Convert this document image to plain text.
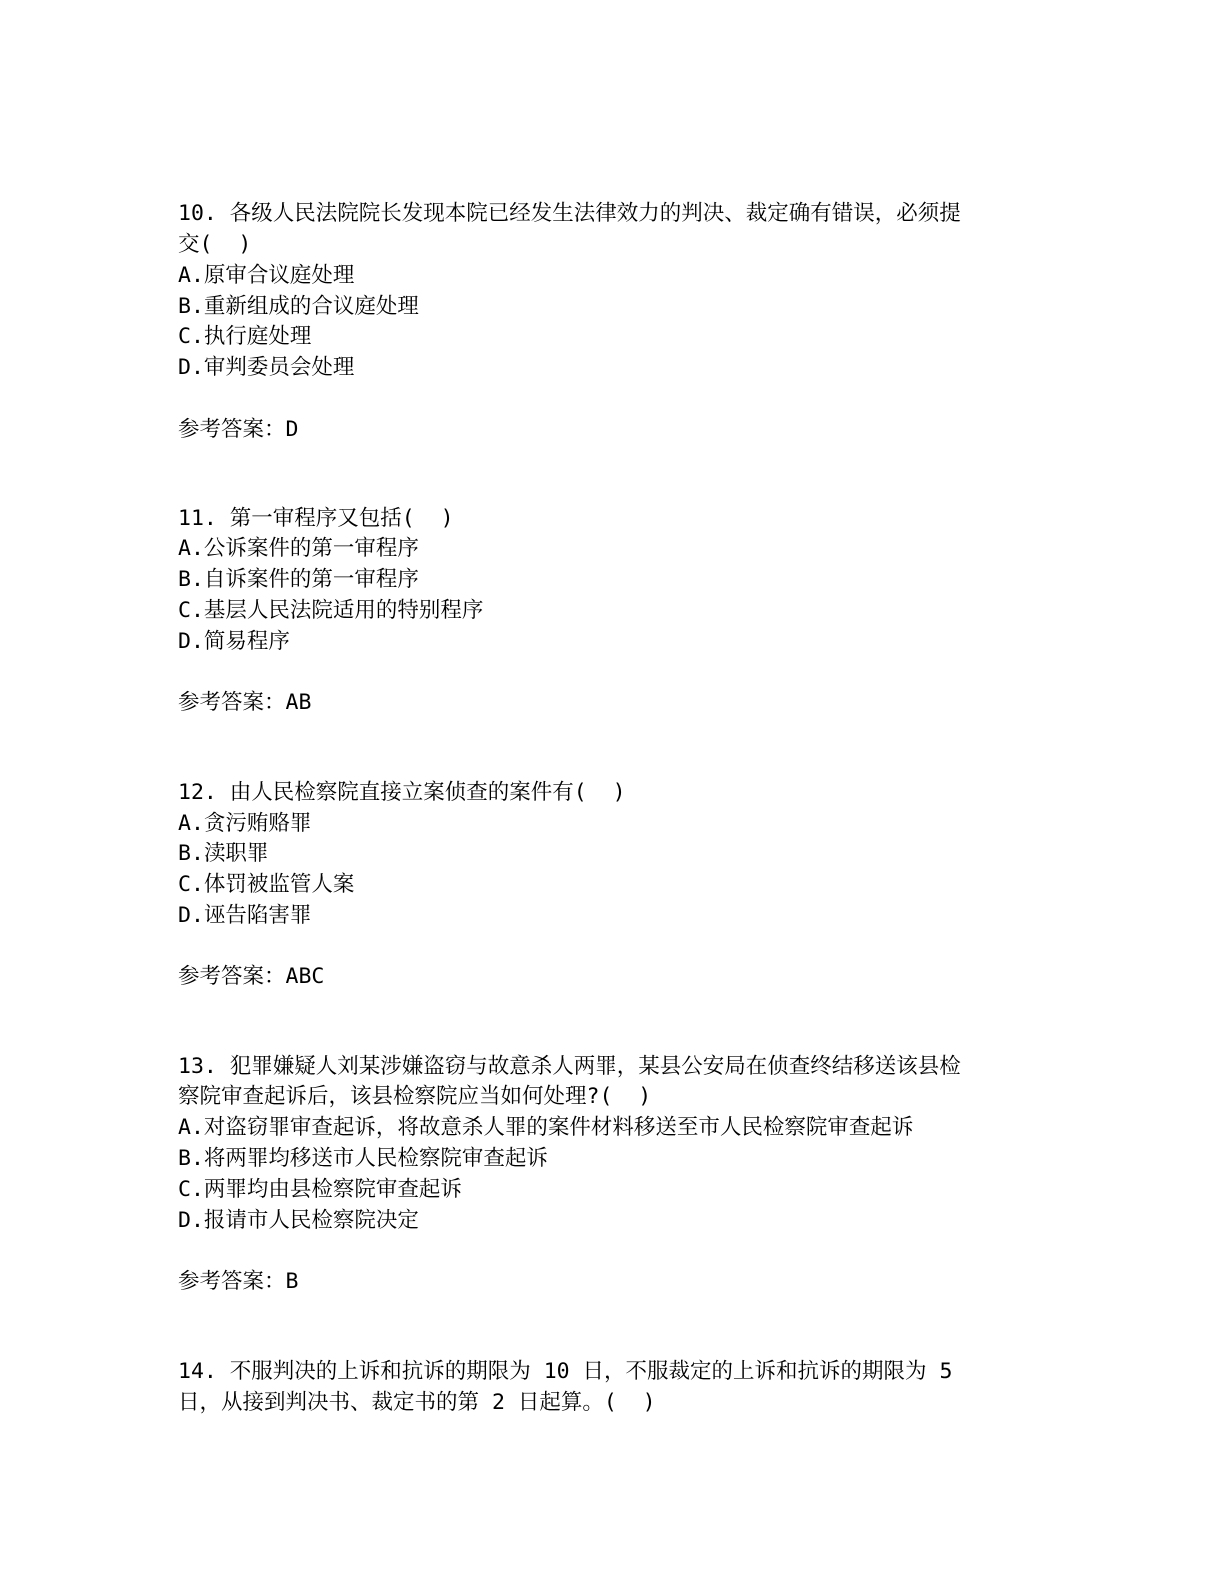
10. 各级人民法院院长发现本院已经发生法律效力的判决、裁定确有错误，必须提
交(  )
A.原审合议庭处理
B.重新组成的合议庭处理
C.执行庭处理
D.审判委员会处理
参考答案：D
11. 第一审程序又包括(  )
A.公诉案件的第一审程序
B.自诉案件的第一审程序
C.基层人民法院适用的特别程序
D.简易程序
参考答案：AB
12. 由人民检察院直接立案侦查的案件有(  )
A.贪污贿赂罪
B.渎职罪
C.体罚被监管人案
D.诬告陷害罪
参考答案：ABC
13. 犯罪嫌疑人刘某涉嫌盗窃与故意杀人两罪，某县公安局在侦查终结移送该县检
察院审查起诉后，该县检察院应当如何处理?(  )
A.对盗窃罪审查起诉，将故意杀人罪的案件材料移送至市人民检察院审查起诉
B.将两罪均移送市人民检察院审查起诉
C.两罪均由县检察院审查起诉
D.报请市人民检察院决定
参考答案：B
14. 不服判决的上诉和抗诉的期限为 10 日，不服裁定的上诉和抗诉的期限为 5
日，从接到判决书、裁定书的第 2 日起算。(  )
